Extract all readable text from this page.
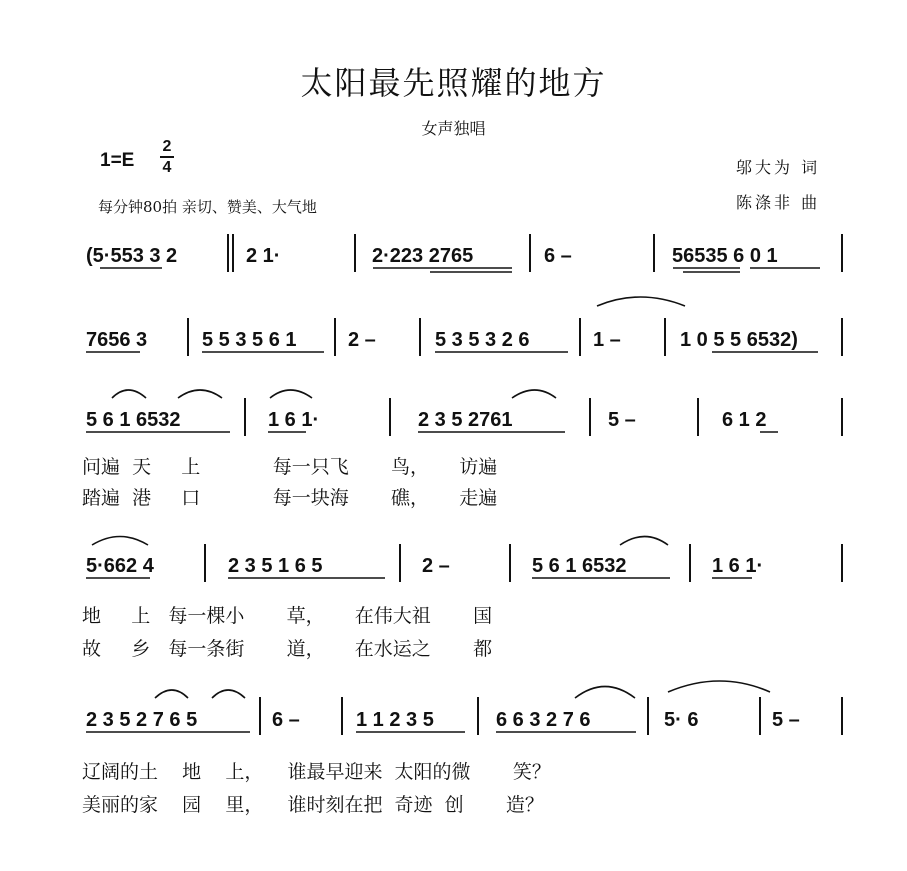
太阳最先照耀的地方
女声独唱
1=E
2
4
每分钟80拍 亲切、赞美、大气地
邬大为 词
陈涤非 曲
(5·553 3 2	2 1·	2·223 2765	6 –	56535 6 0 1
7656 3	5 5 3 5 6 1	2 –	5 3 5 3 2 6	1 –	1 0 5 5 6532)
5 6 1 6532	1 6 1·	2 3 5 2761	5 –	6 1 2
5·662 4	2 3 5 1 6 5	2 –	5 6 1 6532	1 6 1·
2 3 5 2 7 6 5	6 –	1 1 2 3 5	6 6 3 2 7 6	5· 6	5 –
问遍  天     上            每一只飞       鸟，     访遍
踏遍  港     口            每一块海       礁，     走遍
地     上   每一棵小       草，     在伟大祖       国
故     乡   每一条街       道，     在水运之       都
辽阔的土    地    上，    谁最早迎来  太阳的微       笑？
美丽的家    园    里，    谁时刻在把  奇迹  创       造？
